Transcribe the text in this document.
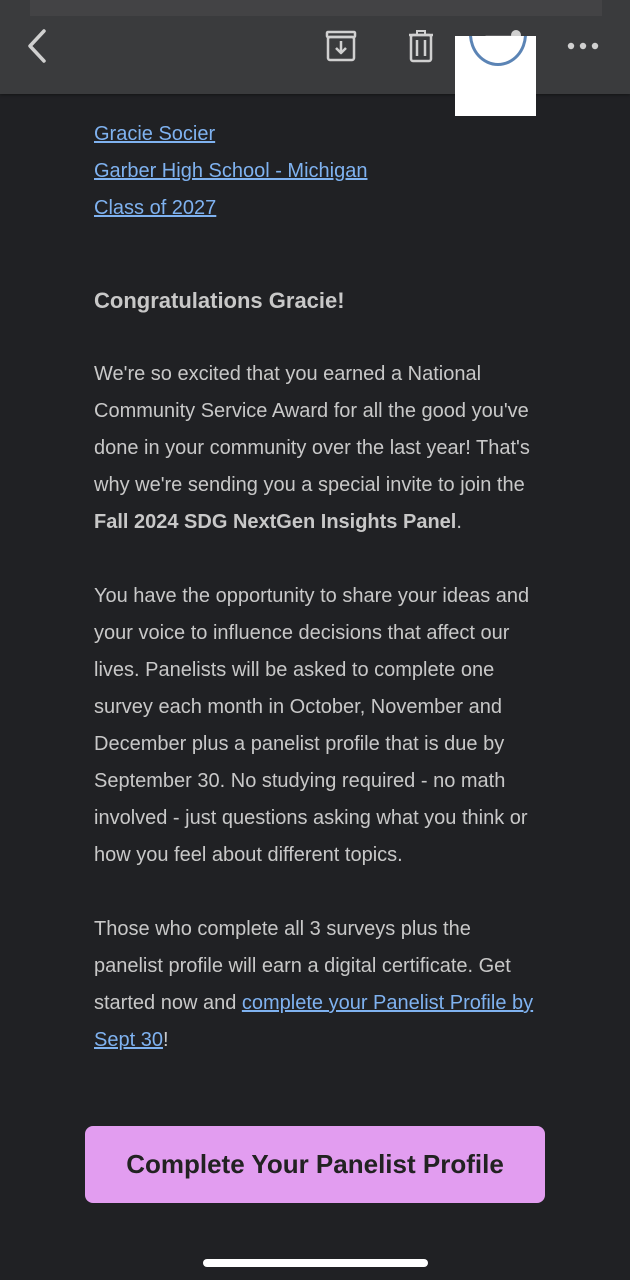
Gracie Socier
Garber High School - Michigan
Class of 2027
Congratulations Gracie!

We're so excited that you earned a National Community Service Award for all the good you've done in your community over the last year! That's why we're sending you a special invite to join the Fall 2024 SDG NextGen Insights Panel.

You have the opportunity to share your ideas and your voice to influence decisions that affect our lives. Panelists will be asked to complete one survey each month in October, November and December plus a panelist profile that is due by September 30. No studying required - no math involved - just questions asking what you think or how you feel about different topics.

Those who complete all 3 surveys plus the panelist profile will earn a digital certificate. Get started now and complete your Panelist Profile by Sept 30!

Complete Your Panelist Profile
